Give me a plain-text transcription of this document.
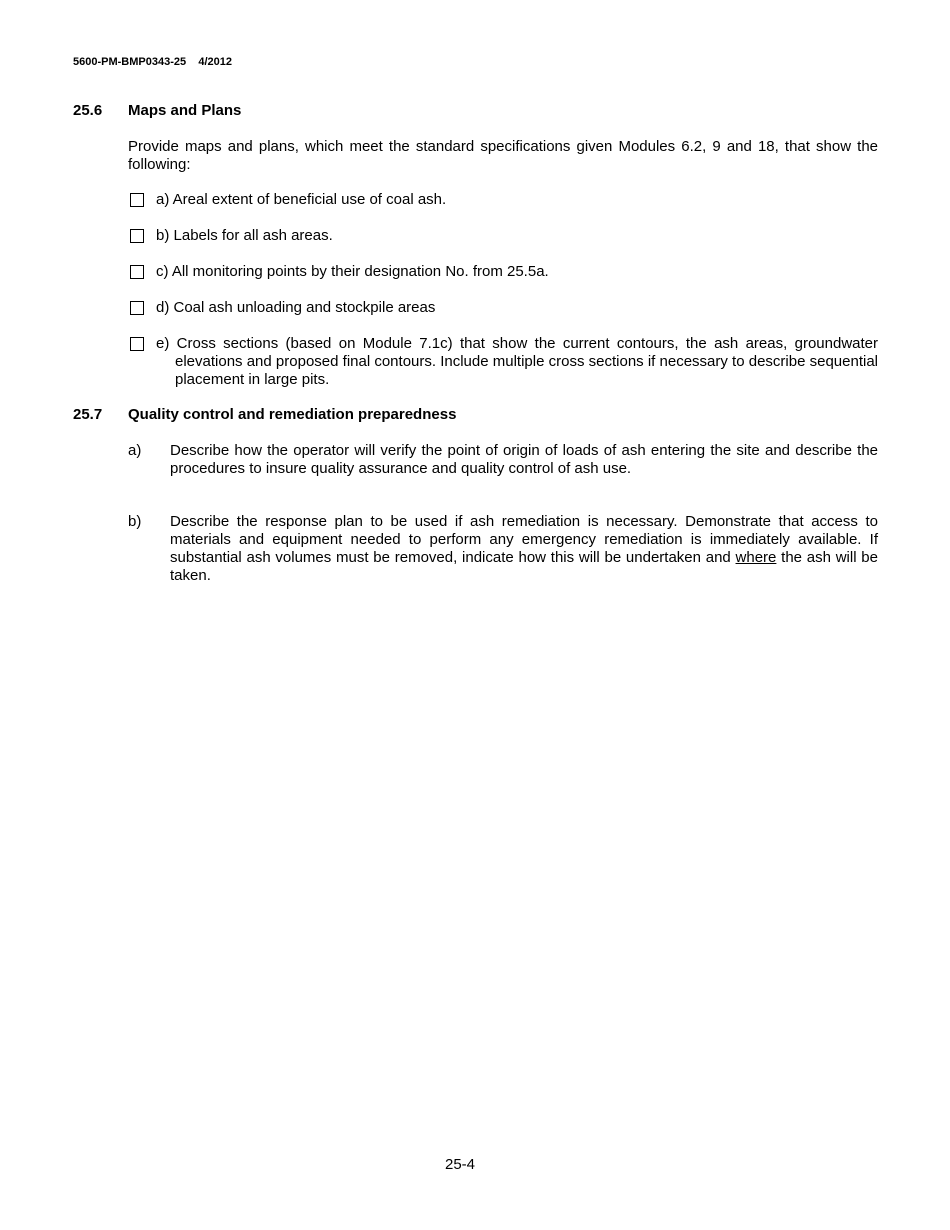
5600-PM-BMP0343-25    4/2012
25.6 Maps and Plans
Provide maps and plans, which meet the standard specifications given Modules 6.2, 9 and 18, that show the following:
a) Areal extent of beneficial use of coal ash.
b) Labels for all ash areas.
c) All monitoring points by their designation No. from 25.5a.
d) Coal ash unloading and stockpile areas
e) Cross sections (based on Module 7.1c) that show the current contours, the ash areas, groundwater elevations and proposed final contours. Include multiple cross sections if necessary to describe sequential placement in large pits.
25.7 Quality control and remediation preparedness
a) Describe how the operator will verify the point of origin of loads of ash entering the site and describe the procedures to insure quality assurance and quality control of ash use.
b) Describe the response plan to be used if ash remediation is necessary. Demonstrate that access to materials and equipment needed to perform any emergency remediation is immediately available. If substantial ash volumes must be removed, indicate how this will be undertaken and where the ash will be taken.
25-4
